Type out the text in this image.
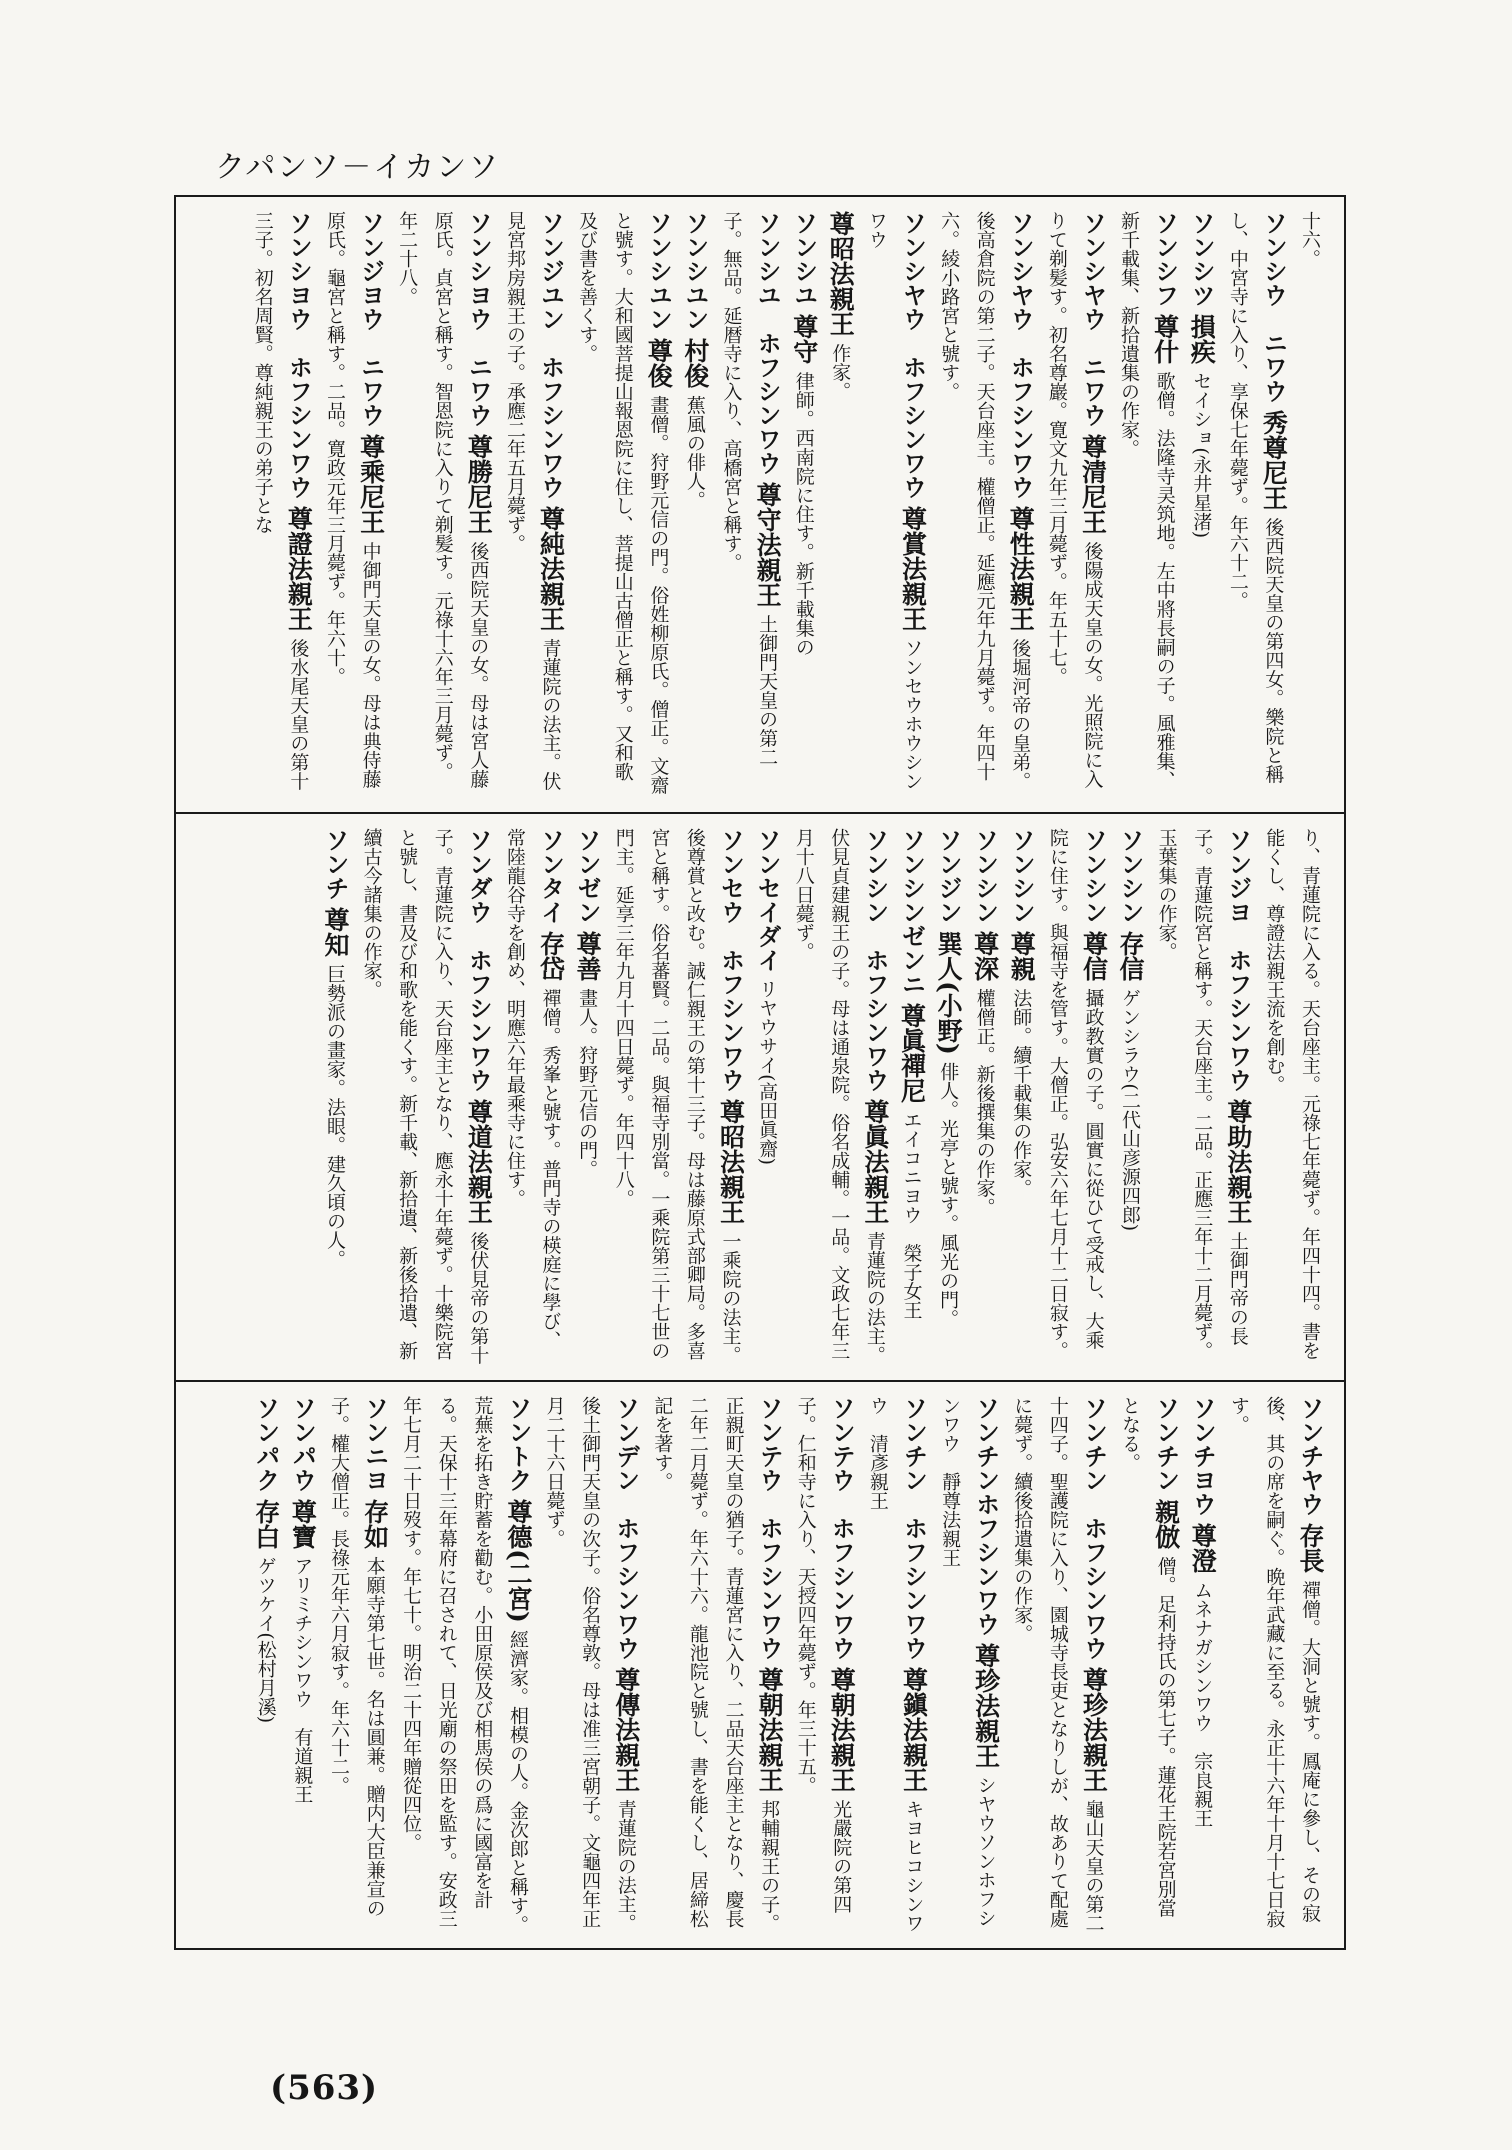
ソンカイ－ソンパク
十六。
ソンシウ　ニワウ 秀尊尼王 後西院天皇の第四女。樂院と稱し、中宮寺に入り、享保七年薨ず。年六十二。
ソンシツ 損疾 セイショ(永井星渚)
ソンシフ 尊什 歌僧。法隆寺㚑筑地。左中將長嗣の子。風雅集、新千載集、新拾遺集の作家。
ソンシヤウ　ニワウ 尊清尼王 後陽成天皇の女。光照院に入りて剃髪す。初名尊巖。寛文九年三月薨ず。年五十七。
ソンシヤウ　ホフシンワウ 尊性法親王 後堀河帝の皇弟。後高倉院の第二子。天台座主。權僧正。延應元年九月薨ず。年四十六。綾小路宮と號す。
ソンシヤウ　ホフシンワウ 尊賞法親王 ソンセウホウシンワウ
尊昭法親王 作家。
ソンシユ 尊守 律師。西南院に住す。新千載集の
ソンシユ　ホフシンワウ 尊守法親王 土御門天皇の第二子。無品。延暦寺に入り、高橋宮と稱す。
ソンシユン 村俊 蕉風の俳人。
ソンシユン 尊俊 畫僧。狩野元信の門。俗姓柳原氏。僧正。文齋と號す。大和國菩提山報恩院に住し、菩提山古僧正と稱す。又和歌及び書を善くす。
ソンジユン　ホフシンワウ 尊純法親王 青蓮院の法主。伏見宮邦房親王の子。承應二年五月薨ず。
ソンシヨウ　ニワウ 尊勝尼王 後西院天皇の女。母は宮人藤原氏。貞宮と稱す。智恩院に入りて剃髪す。元祿十六年三月薨ず。年二十八。
ソンジヨウ　ニワウ 尊乘尼王 中御門天皇の女。母は典侍藤原氏。龜宮と稱す。二品。寛政元年三月薨ず。年六十。
ソンシヨウ　ホフシンワウ 尊證法親王 後水尾天皇の第十三子。初名周賢。尊純親王の弟子とな
り、青蓮院に入る。天台座主。元祿七年薨ず。年四十四。書を能くし、尊證法親王流を創む。
ソンジヨ　ホフシンワウ 尊助法親王 土御門帝の長子。青蓮院宮と稱す。天台座主。二品。正應三年十二月薨ず。玉葉集の作家。
ソンシン 存信 ゲンシラウ(二代山彦源四郎)
ソンシン 尊信 攝政教實の子。圓實に從ひて受戒し、大乘院に住す。與福寺を管す。大僧正。弘安六年七月十二日寂す。
ソンシン 尊親 法師。續千載集の作家。
ソンシン 尊深 權僧正。新後撰集の作家。
ソンジン 巽人(小野) 俳人。光亭と號す。風光の門。
ソンシンゼンニ 尊眞禪尼 エイコニヨウ　榮子女王
ソンシン　ホフシンワウ 尊眞法親王 青蓮院の法主。伏見貞建親王の子。母は通泉院。俗名成輔。一品。文政七年三月十八日薨ず。
ソンセイダイ リヤウサイ(高田眞齋)
ソンセウ　ホフシンワウ 尊昭法親王 一乘院の法主。後尊賞と改む。誠仁親王の第十三子。母は藤原式部卿局。多喜宮と稱す。俗名蕃賢。二品。與福寺別當。一乘院第三十七世の門主。延享三年九月十四日薨ず。年四十八。
ソンゼン 尊善 畫人。狩野元信の門。
ソンタイ 存岱 禪僧。秀峯と號す。普門寺の楧庭に學び、常陸龍谷寺を創め、明應六年最乘寺に住す。
ソンダウ　ホフシンワウ 尊道法親王 後伏見帝の第十子。青蓮院に入り、天台座主となり、應永十年薨ず。十樂院宮と號し、書及び和歌を能くす。新千載、新拾遺、新後拾遺、新續古今諸集の作家。
ソンチ 尊知 巨勢派の畫家。法眼。建久頃の人。
ソンチヤウ 存長 禪僧。大洞と號す。鳳庵に參し、その寂後、其の席を嗣ぐ。晩年武藏に至る。永正十六年十月十七日寂す。
ソンチヨウ 尊澄 ムネナガシンワウ　宗良親王
ソンチン 親倣 僧。足利持氏の第七子。蓮花王院若宮別當となる。
ソンチン　ホフシンワウ 尊珍法親王 龜山天皇の第二十四子。聖護院に入り、園城寺長吏となりしが、故ありて配處に薨ず。續後拾遺集の作家。
ソンチンホフシンワウ 尊珍法親王 シヤウソンホフシンワウ　靜尊法親王
ソンチン　ホフシンワウ 尊鎭法親王 キヨヒコシンワウ　清彥親王
ソンテウ　ホフシンワウ 尊朝法親王 光嚴院の第四子。仁和寺に入り、天授四年薨ず。年三十五。
ソンテウ　ホフシンワウ 尊朝法親王 邦輔親王の子。正親町天皇の猶子。青蓮宮に入り、二品天台座主となり、慶長二年二月薨ず。年六十六。龍池院と號し、書を能くし、居締松記を著す。
ソンデン　ホフシンワウ 尊傳法親王 青蓮院の法主。後土御門天皇の次子。俗名尊敦。母は准三宮朝子。文龜四年正月二十六日薨ず。
ソントク 尊德(二宮) 經濟家。相模の人。金次郎と稱す。荒蕪を拓き貯蓄を勸む。小田原侯及び相馬侯の爲に國富を計る。天保十三年幕府に召されて、日光廟の祭田を監す。安政三年七月二十日歿す。年七十。明治二十四年贈從四位。
ソンニヨ 存如 本願寺第七世。名は圓兼。贈内大臣兼宣の子。權大僧正。長祿元年六月寂す。年六十二。
ソンパウ 尊寶 アリミチシンワウ　有道親王
ソンパク 存白 ゲツケイ(松村月溪)
(563)
